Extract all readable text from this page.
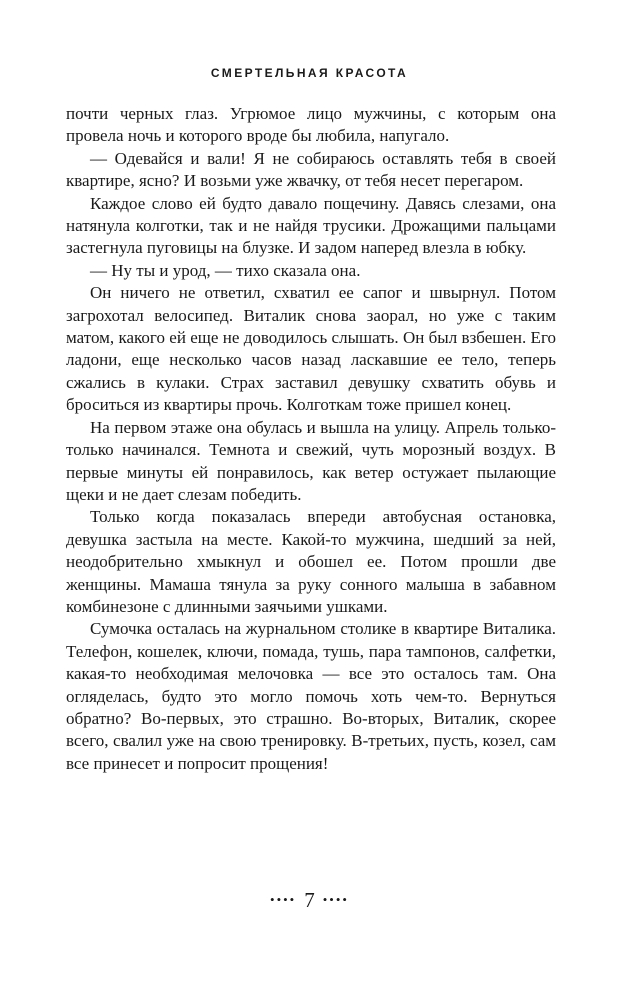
СМЕРТЕЛЬНАЯ КРАСОТА

почти черных глаз. Угрюмое лицо мужчины, с которым она провела ночь и которого вроде бы любила, напугало.

— Одевайся и вали! Я не собираюсь оставлять тебя в своей квартире, ясно? И возьми уже жвачку, от тебя несет перегаром.

Каждое слово ей будто давало пощечину. Давясь слезами, она натянула колготки, так и не найдя трусики. Дрожащими пальцами застегнула пуговицы на блузке. И задом наперед влезла в юбку.

— Ну ты и урод, — тихо сказала она.

Он ничего не ответил, схватил ее сапог и швырнул. Потом загрохотал велосипед. Виталик снова заорал, но уже с таким матом, какого ей еще не доводилось слышать. Он был взбешен. Его ладони, еще несколько часов назад ласкавшие ее тело, теперь сжались в кулаки. Страх заставил девушку схватить обувь и броситься из квартиры прочь. Колготкам тоже пришел конец.

На первом этаже она обулась и вышла на улицу. Апрель только-только начинался. Темнота и свежий, чуть морозный воздух. В первые минуты ей понравилось, как ветер остужает пылающие щеки и не дает слезам победить.

Только когда показалась впереди автобусная остановка, девушка застыла на месте. Какой-то мужчина, шедший за ней, неодобрительно хмыкнул и обошел ее. Потом прошли две женщины. Мамаша тянула за руку сонного малыша в забавном комбинезоне с длинными заячьими ушками.

Сумочка осталась на журнальном столике в квартире Виталика. Телефон, кошелек, ключи, помада, тушь, пара тампонов, салфетки, какая-то необходимая мелочовка — все это осталось там. Она огляделась, будто это могло помочь хоть чем-то. Вернуться обратно? Во-первых, это страшно. Во-вторых, Виталик, скорее всего, свалил уже на свою тренировку. В-третьих, пусть, козел, сам все принесет и попросит прощения!

•••• 7 ••••
